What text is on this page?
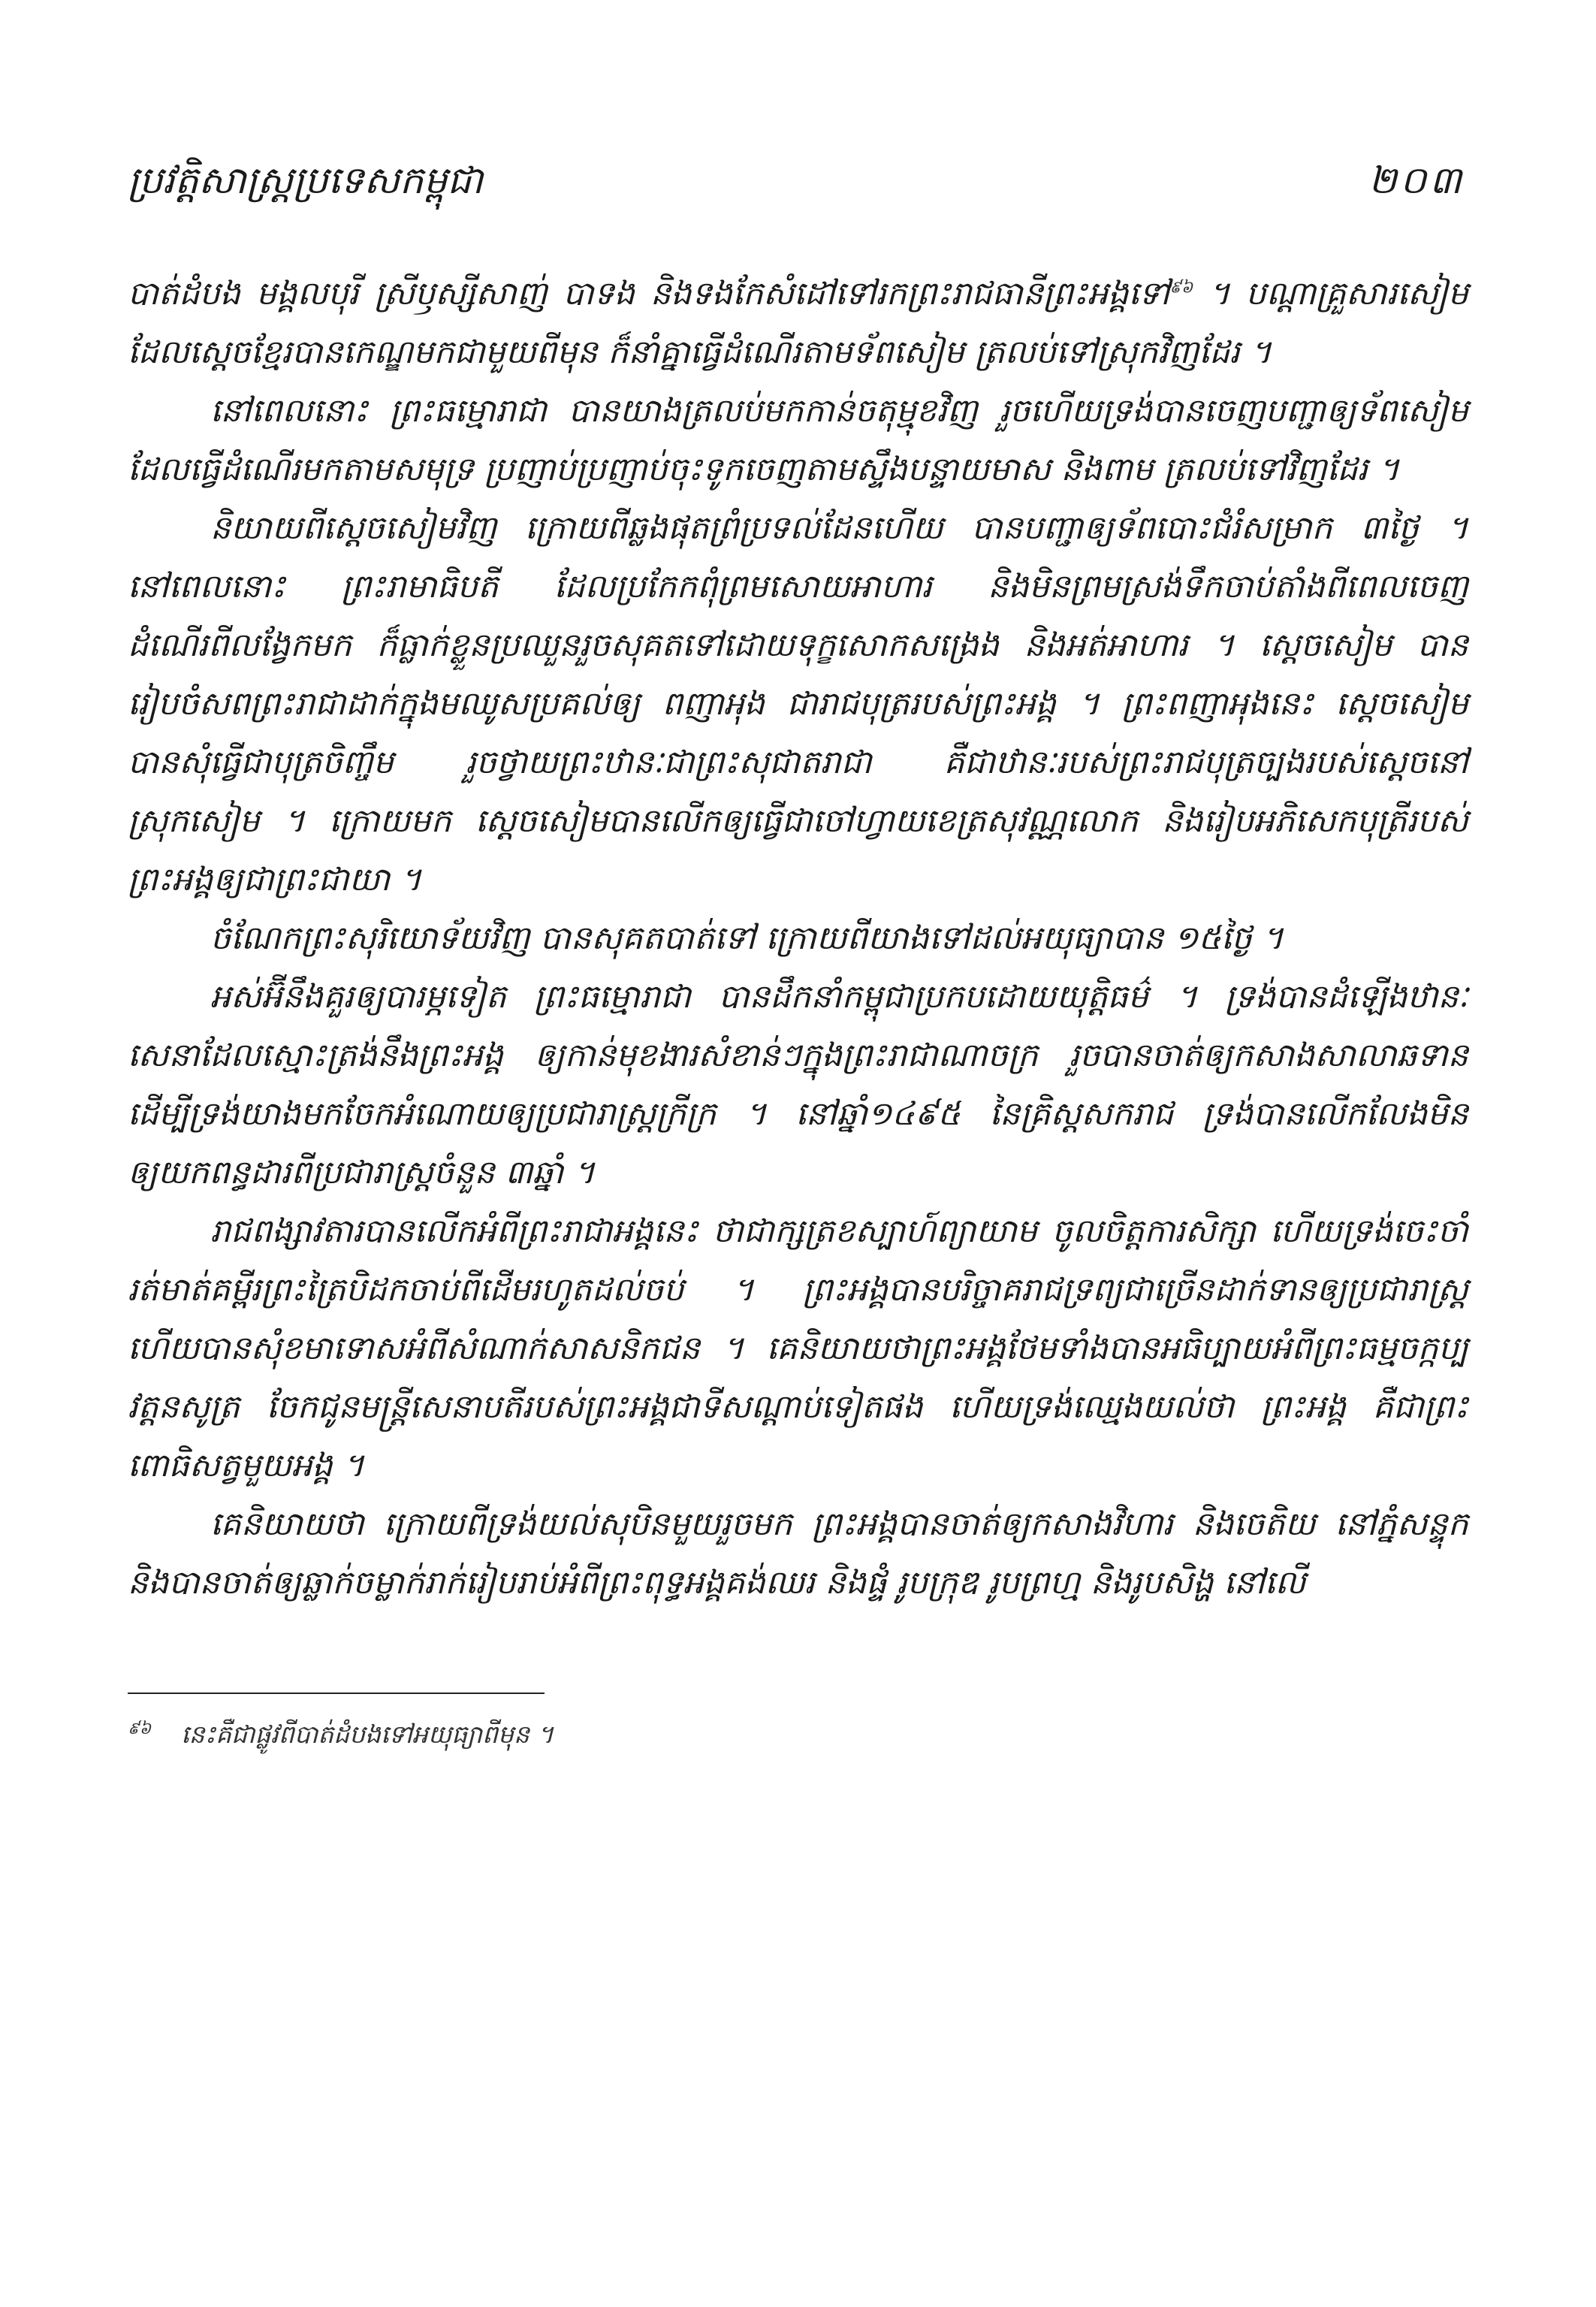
ប្រវត្តិសាស្ត្រប្រទេសកម្ពុជា	២០៣

បាត់ដំបង មង្គលបុរី ស្រីឫស្សីសាញ់ បាទង និងទងកែសំដៅទៅរកព្រះរាជធានីព្រះអង្គទៅ$^{៩៦}$ ។ បណ្ដាគ្រួសារសៀម ដែលស្តេចខ្មែរបានកេណ្ឌមកជាមួយពីមុន ក៏នាំគ្នាធ្វើដំណើរតាមទ័ពសៀម ត្រលប់ទៅស្រុកវិញដែរ ។

នៅពេលនោះ ព្រះធម្មោរាជា បានយាងត្រលប់មកកាន់ចតុម្មុខវិញ រួចហើយទ្រង់បានចេញបញ្ជាឲ្យទ័ពសៀមដែលធ្វើដំណើរមកតាមសមុទ្រ ប្រញាប់ប្រញាប់ចុះទូកចេញតាមស្ទឹងបន្ទាយមាស និងពាម ត្រលប់ទៅវិញដែរ ។

និយាយពីស្តេចសៀមវិញ ក្រោយពីឆ្លងផុតព្រំប្រទល់ដែនហើយ បានបញ្ជាឲ្យទ័ពបោះជំរំសម្រាក ៣ថ្ងៃ ។ នៅពេលនោះ ព្រះរាមាធិបតី ដែលប្រកែកពុំព្រមសោយអាហារ និងមិនព្រមស្រង់ទឹកចាប់តាំងពីពេលចេញដំណើរពីលង្វែកមក ក៏ធ្លាក់ខ្លួនប្រឈួនរួចសុគតទៅដោយទុក្ខសោកសង្រេង និងអត់អាហារ ។ ស្តេចសៀម បានរៀបចំសពព្រះរាជាដាក់ក្នុងមឈូសប្រគល់ឲ្យ ពញាអុង ជារាជបុត្ររបស់ព្រះអង្គ ។ ព្រះពញាអុងនេះ ស្តេចសៀម បានសុំធ្វើជាបុត្រចិញ្ចឹម រួចថ្វាយព្រះឋានៈជាព្រះសុជាតរាជា គឺជាឋានៈរបស់ព្រះរាជបុត្រច្បងរបស់ស្តេចនៅស្រុកសៀម ។ ក្រោយមក ស្តេចសៀមបានលើកឲ្យធ្វើជាចៅហ្វាយខេត្រសុវណ្ណលោក និងរៀបអភិសេកបុត្រីរបស់ព្រះអង្គឲ្យជាព្រះជាយា ។

ចំណែកព្រះសុរិយោទ័យវិញ បានសុគតបាត់ទៅ ក្រោយពីយាងទៅដល់អយុធ្យាបាន ១៥ថ្ងៃ ។

អស់អ៊ីនឹងគួរឲ្យបារម្ភទៀត ព្រះធម្មោរាជា បានដឹកនាំកម្ពុជាប្រកបដោយយុត្តិធម៌ ។ ទ្រង់បានដំឡើងឋានៈសេនាដែលស្មោះត្រង់នឹងព្រះអង្គ ឲ្យកាន់មុខងារសំខាន់ៗក្នុងព្រះរាជាណាចក្រ រួចបានចាត់ឲ្យកសាងសាលាឆទានដើម្បីទ្រង់យាងមកចែកអំណោយឲ្យប្រជារាស្ត្រក្រីក្រ ។ នៅឆ្នាំ១៤៩៥ នៃគ្រិស្តសករាជ ទ្រង់បានលើកលែងមិនឲ្យយកពន្ធដារពីប្រជារាស្ត្រចំនួន ៣ឆ្នាំ ។

រាជពង្សាវតារបានលើកអំពីព្រះរាជាអង្គនេះ ថាជាក្សត្រខស្បាហ៍ព្យាយាម ចូលចិត្តការសិក្សា ហើយទ្រង់ចេះចាំរត់មាត់គម្ពីរព្រះត្រៃបិដកចាប់ពីដើមរហូតដល់ចប់ ។ ព្រះអង្គបានបរិច្ចាគរាជទ្រព្យជាច្រើនដាក់ទានឲ្យប្រជារាស្ត្រ ហើយបានសុំខមាទោសអំពីសំណាក់សាសនិកជន ។ គេនិយាយថាព្រះអង្គថែមទាំងបានអធិប្បាយអំពីព្រះធម្មចក្កប្បវត្តនសូត្រ ចែកជូនមន្ត្រីសេនាបតីរបស់ព្រះអង្គជាទីសណ្តាប់ទៀតផង ហើយទ្រង់ឈ្មេងយល់ថា ព្រះអង្គ គឺជាព្រះពោធិសត្វមួយអង្គ ។

គេនិយាយថា ក្រោយពីទ្រង់យល់សុបិនមួយរួចមក ព្រះអង្គបានចាត់ឲ្យកសាងវិហារ និងចេតិយ នៅភ្នំសន្ទុក និងបានចាត់ឲ្យឆ្លាក់ចម្លាក់រាក់រៀបរាប់អំពីព្រះពុទ្ធអង្គគង់ឈរ និងផ្ទំ រូបក្រុឌ រូបព្រហ្ម និងរូបសិង្ហ នៅលើ

$^{៩៦}$ នេះគឺជាផ្លូវពីបាត់ដំបងទៅអយុធ្យាពីមុន ។
